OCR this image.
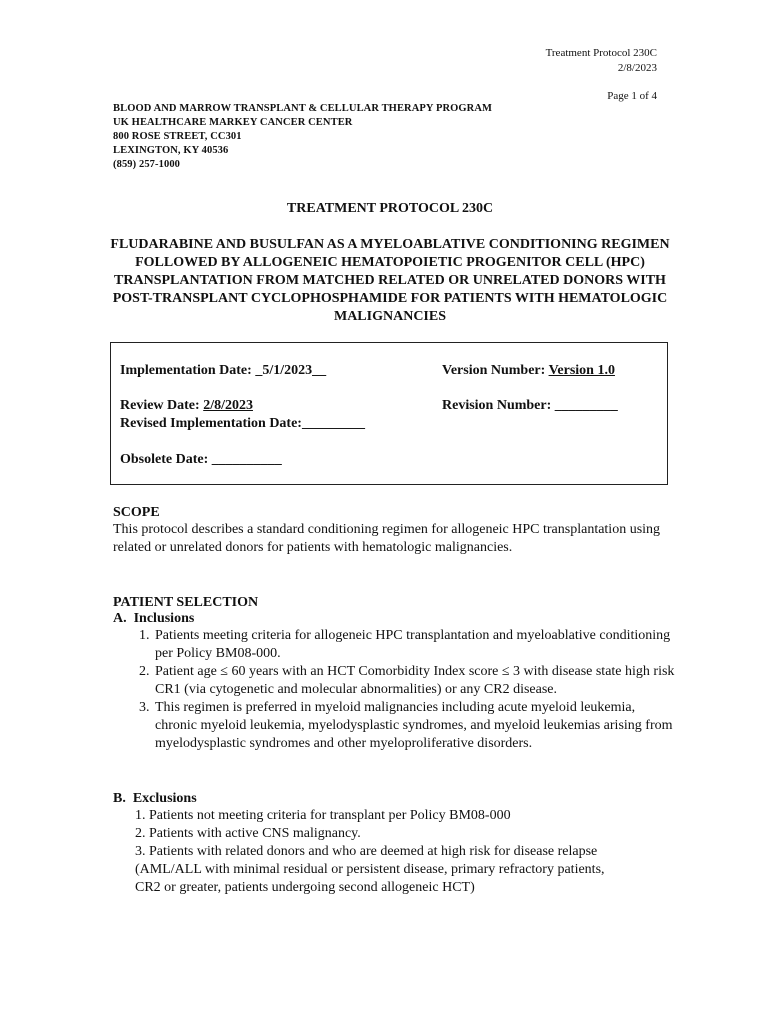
Treatment Protocol 230C
2/8/2023
Page 1 of 4
BLOOD AND MARROW TRANSPLANT & CELLULAR THERAPY PROGRAM
UK HEALTHCARE MARKEY CANCER CENTER
800 ROSE STREET, CC301
LEXINGTON, KY 40536
(859) 257-1000
TREATMENT PROTOCOL 230C
FLUDARABINE AND BUSULFAN AS A MYELOABLATIVE CONDITIONING REGIMEN FOLLOWED BY ALLOGENEIC HEMATOPOIETIC PROGENITOR CELL (HPC) TRANSPLANTATION FROM MATCHED RELATED OR UNRELATED DONORS WITH POST-TRANSPLANT CYCLOPHOSPHAMIDE FOR PATIENTS WITH HEMATOLOGIC MALIGNANCIES
Implementation Date: _5/1/2023__	Version Number: Version 1.0
Review Date: 2/8/2023	Revision Number: _________
Revised Implementation Date:_________
Obsolete Date: __________
SCOPE
This protocol describes a standard conditioning regimen for allogeneic HPC transplantation using related or unrelated donors for patients with hematologic malignancies.
PATIENT SELECTION
A.  Inclusions
1. Patients meeting criteria for allogeneic HPC transplantation and myeloablative conditioning per Policy BM08-000.
2. Patient age ≤ 60 years with an HCT Comorbidity Index score ≤ 3 with disease state high risk CR1 (via cytogenetic and molecular abnormalities) or any CR2 disease.
3. This regimen is preferred in myeloid malignancies including acute myeloid leukemia, chronic myeloid leukemia, myelodysplastic syndromes, and myeloid leukemias arising from myelodysplastic syndromes and other myeloproliferative disorders.
B.  Exclusions
1. Patients not meeting criteria for transplant per Policy BM08-000
2. Patients with active CNS malignancy.
3. Patients with related donors and who are deemed at high risk for disease relapse
(AML/ALL with minimal residual or persistent disease, primary refractory patients,
CR2 or greater, patients undergoing second allogeneic HCT)
